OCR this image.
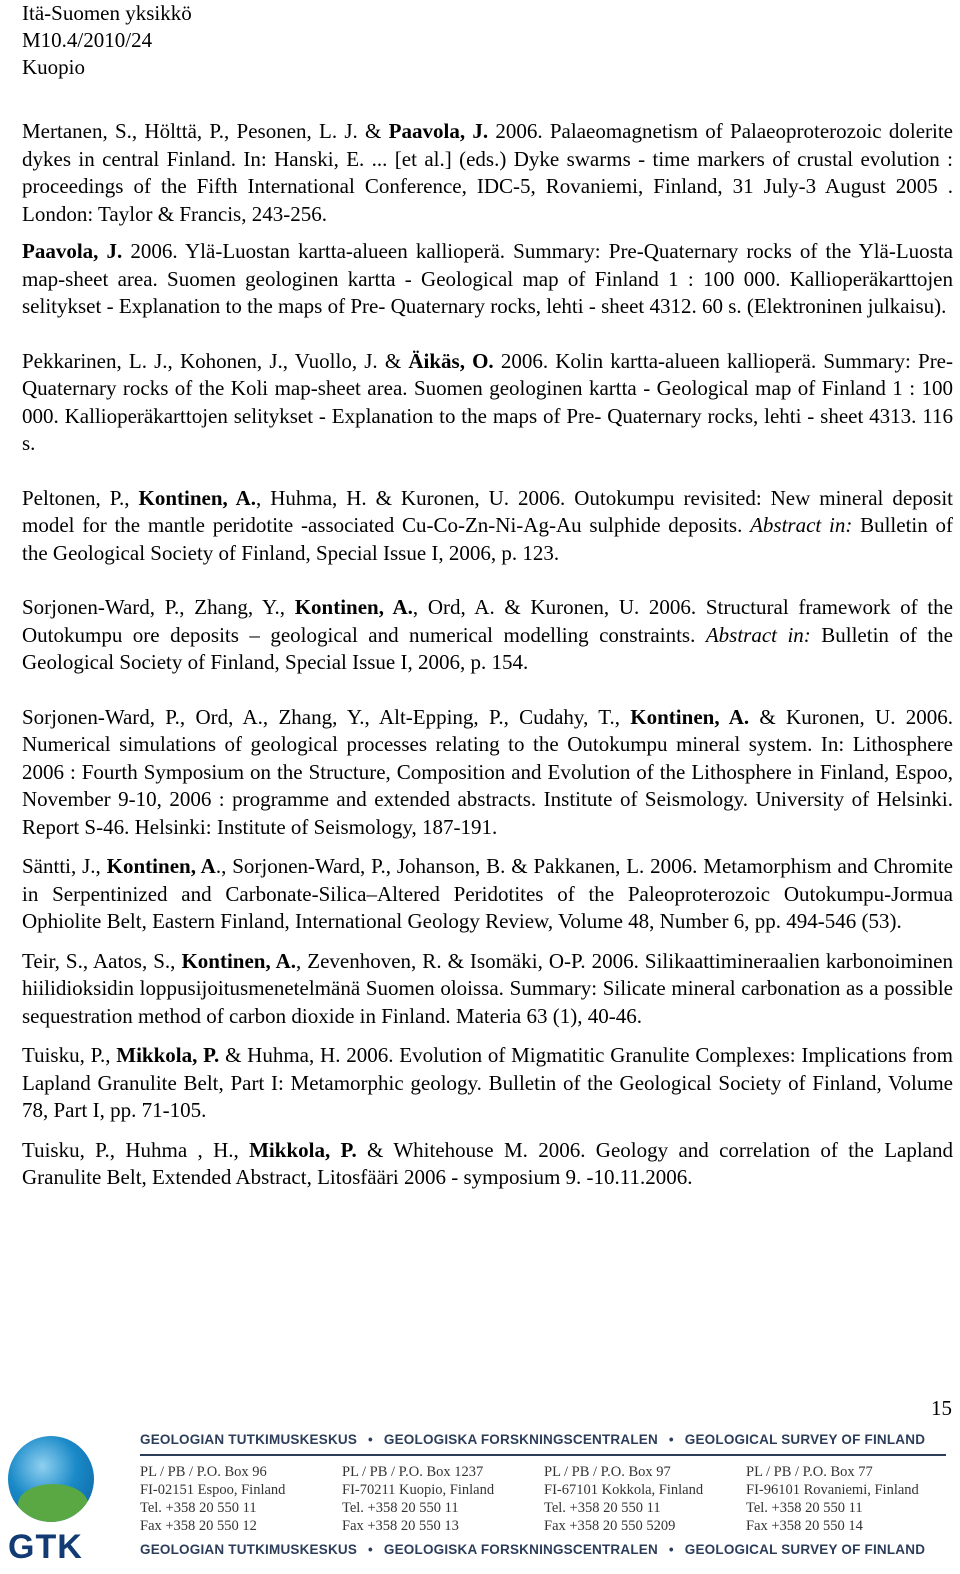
Itä-Suomen yksikkö
M10.4/2010/24
Kuopio

Mertanen, S., Hölttä, P., Pesonen, L. J. & Paavola, J. 2006. Palaeomagnetism of Palaeoproterozoic dolerite dykes in central Finland. In: Hanski, E. ... [et al.] (eds.) Dyke swarms - time markers of crustal evolution : proceedings of the Fifth International Conference, IDC-5, Rovaniemi, Finland, 31 July-3 August 2005 . London: Taylor & Francis, 243-256.

Paavola, J. 2006. Ylä-Luostan kartta-alueen kallioperä. Summary: Pre-Quaternary rocks of the Ylä-Luosta map-sheet area. Suomen geologinen kartta - Geological map of Finland 1 : 100 000. Kallioperäkarttojen selitykset - Explanation to the maps of Pre- Quaternary rocks, lehti - sheet 4312. 60 s. (Elektroninen julkaisu).

Pekkarinen, L. J., Kohonen, J., Vuollo, J. & Äikäs, O. 2006. Kolin kartta-alueen kallioperä. Summary: Pre-Quaternary rocks of the Koli map-sheet area. Suomen geologinen kartta - Geological map of Finland 1 : 100 000. Kallioperäkarttojen selitykset - Explanation to the maps of Pre- Quaternary rocks, lehti - sheet 4313. 116 s.

Peltonen, P., Kontinen, A., Huhma, H. & Kuronen, U. 2006. Outokumpu revisited: New mineral deposit model for the mantle peridotite -associated Cu-Co-Zn-Ni-Ag-Au sulphide deposits. Abstract in: Bulletin of the Geological Society of Finland, Special Issue I, 2006, p. 123.

Sorjonen-Ward, P., Zhang, Y., Kontinen, A., Ord, A. & Kuronen, U. 2006. Structural framework of the Outokumpu ore deposits – geological and numerical modelling constraints. Abstract in: Bulletin of the Geological Society of Finland, Special Issue I, 2006, p. 154.

Sorjonen-Ward, P., Ord, A., Zhang, Y., Alt-Epping, P., Cudahy, T., Kontinen, A. & Kuronen, U. 2006. Numerical simulations of geological processes relating to the Outokumpu mineral system. In: Lithosphere 2006 : Fourth Symposium on the Structure, Composition and Evolution of the Lithosphere in Finland, Espoo, November 9-10, 2006 : programme and extended abstracts. Institute of Seismology. University of Helsinki. Report S-46. Helsinki: Institute of Seismology, 187-191.

Säntti, J., Kontinen, A., Sorjonen-Ward, P., Johanson, B. & Pakkanen, L. 2006. Metamorphism and Chromite in Serpentinized and Carbonate-Silica–Altered Peridotites of the Paleoproterozoic Outokumpu-Jormua Ophiolite Belt, Eastern Finland, International Geology Review, Volume 48, Number 6, pp. 494-546 (53).

Teir, S., Aatos, S., Kontinen, A., Zevenhoven, R. & Isomäki, O-P. 2006. Silikaattimineraalien karbonoiminen hiilidioksidin loppusijoitusmenetelmänä Suomen oloissa. Summary: Silicate mineral carbonation as a possible sequestration method of carbon dioxide in Finland. Materia 63 (1), 40-46.

Tuisku, P., Mikkola, P. & Huhma, H. 2006. Evolution of Migmatitic Granulite Complexes: Implications from Lapland Granulite Belt, Part I: Metamorphic geology. Bulletin of the Geological Society of Finland, Volume 78, Part I, pp. 71-105.

Tuisku, P., Huhma , H., Mikkola, P. & Whitehouse M. 2006. Geology and correlation of the Lapland Granulite Belt, Extended Abstract, Litosfääri 2006 - symposium 9. -10.11.2006.

15
GTK
GEOLOGIAN TUTKIMUSKESKUS • GEOLOGISKA FORSKNINGSCENTRALEN • GEOLOGICAL SURVEY OF FINLAND
PL / PB / P.O. Box 96
FI-02151 Espoo, Finland
Tel. +358 20 550 11
Fax +358 20 550 12
PL / PB / P.O. Box 1237
FI-70211 Kuopio, Finland
Tel. +358 20 550 11
Fax +358 20 550 13
PL / PB / P.O. Box 97
FI-67101 Kokkola, Finland
Tel. +358 20 550 11
Fax +358 20 550 5209
PL / PB / P.O. Box 77
FI-96101 Rovaniemi, Finland
Tel. +358 20 550 11
Fax +358 20 550 14
GEOLOGIAN TUTKIMUSKESKUS • GEOLOGISKA FORSKNINGSCENTRALEN • GEOLOGICAL SURVEY OF FINLAND
